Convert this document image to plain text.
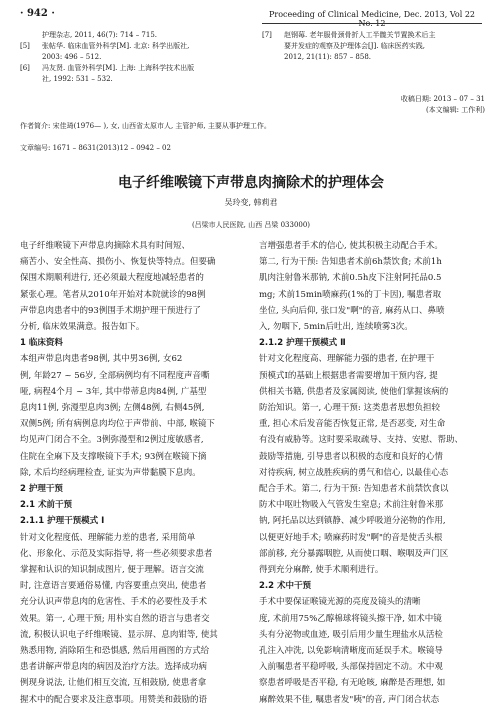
· 942 ·	Proceeding of Clinical Medicine, Dec. 2013, Vol 22 No. 12
护理杂志, 2011, 46(7): 714 – 715.
[5]	张帖华. 临床血管外科学[M]. 北京: 科学出版社,
2003: 496 – 512.
[6]	冯友贤. 血管外科学[M]. 上海: 上海科学技术出版
社, 1992: 531 – 532.
[7]	赵钢莓. 老年服骨颈骨折人工半髋关节置换术后主
要并发症的观察及护理体会[J]. 临床医药实践,
2012, 21(11): 857 – 858.
收稿日期: 2013 – 07 – 31
(本文编辑: 工作利)
作者简介: 宋佳琦(1976— ), 女, 山西省太原市人, 主管护师, 主要从事护理工作。
文章编号: 1671 – 8631(2013)12 – 0942 – 02
电子纤维喉镜下声带息肉摘除术的护理体会
吴玲变, 韩莉君
(吕梁市人民医院, 山西 吕梁 033000)
电子纤维喉镜下声带息肉摘除术具有时间短、
痛苦小、安全性高、损伤小、恢复快等特点。但要确
保围术期顺利进行, 还必须最大程度地减轻患者的
紧张心理。笔者从2010年开始对本院就诊的98例
声带息肉患者中的93例围手术期护理干预进行了
分析, 临床效果满意。报告如下。
1 临床资料
本组声带息肉患者98例, 其中男36例, 女62
例, 年龄27 ~ 56岁, 全部病例均有不同程度声音嘶
哑, 病程4个月 ~ 3年, 其中带蒂息肉84例, 广基型
息肉11例, 弥漫型息肉3例; 左侧48例, 右侧45例,
双侧5例; 所有病例息肉均位于声带前、中部, 喉镜下
均见声门闭合不全。3例弥漫型和2例过度敏感者,
住院在全麻下及支撑喉镜下手术; 93例在喉镜下摘
除, 术后均经病理检查, 证实为声带黏膜下息肉。
2 护理干预
2.1 术前干预
2.1.1 护理干预模式 Ⅰ
针对文化程度低、理解能力差的患者, 采用简单
化、形象化、示范及实际指导, 将一些必须要求患者
掌握和认识的知识制成图片, 便于理解。语言交流
时, 注意语言要通俗易懂, 内容要重点突出, 使患者
充分认识声带息肉的危害性、手术的必要性及手术
效果。第一, 心理干预; 用朴实自然的语言与患者交
流, 积极认识电子纤维喉镜、显示屏、息肉钳等, 使其
熟悉用物, 消除陌生和恐惧感, 然后用画图的方式给
患者讲解声带息肉的病因及治疗方法。选择成功病
例现身说法, 让他们相互交流, 互相鼓励, 使患者拿
握术中的配合要求及注意事项。用赞美和鼓励的语
言增强患者手术的信心, 使其积极主动配合手术。
第二, 行为干预: 告知患者术前6h禁饮食; 术前1h
肌肉注射鲁米那钠, 术前0.5h皮下注射阿托品0.5
mg; 术前15min喷麻药(1%的丁卡因), 嘱患者取
坐位, 头向后仰, 张口发"啊"的音, 麻药从口、鼻喷
入, 勿咽下, 5min后吐出, 连续喷雾3次。
2.1.2 护理干预模式 Ⅱ
针对文化程度高、理解能力强的患者, 在护理干
预模式Ⅰ的基础上根据患者需要增加干预内容, 提
供相关书籍, 供患者及家属阅读, 使他们掌握该病的
防治知识。第一, 心理干预: 这类患者思想负担较
重, 担心术后发音能否恢复正常, 是否恶变, 对生命
有没有威胁等。这时要采取疏导、支持、安慰、帮助、
鼓励等措施, 引导患者以积极的态度和良好的心情
对待疾病, 树立战胜疾病的勇气和信心, 以最佳心态
配合手术。第二, 行为干预: 告知患者术前禁饮食以
防术中呕吐物吸入气管发生窒息; 术前注射鲁米那
钠, 阿托品以达到镇静、减少呼吸道分泌物的作用,
以便更好地手术; 喷麻药时发"啊"的音是使舌头根
部前移, 充分暴露咽腔, 从而使口咽、喉咽及声门区
得到充分麻醉, 使手术顺利进行。
2.2 术中干预
手术中要保证喉镜光源的亮度及镜头的清晰
度, 术前用75%乙醇棉球将镜头擦干净, 如术中镜
头有分泌物或血迹, 吸引后用少量生理盐水从活检
孔注入冲洗, 以免影响清晰度而延误手术。喉镜导
入前嘱患者平稳呼吸, 头部保持固定不动。术中观
察患者呼吸是否平稳, 有无呛咳, 麻醉是否理想, 如
麻醉效果不佳, 嘱患者发"咦"的音, 声门闭合状态
